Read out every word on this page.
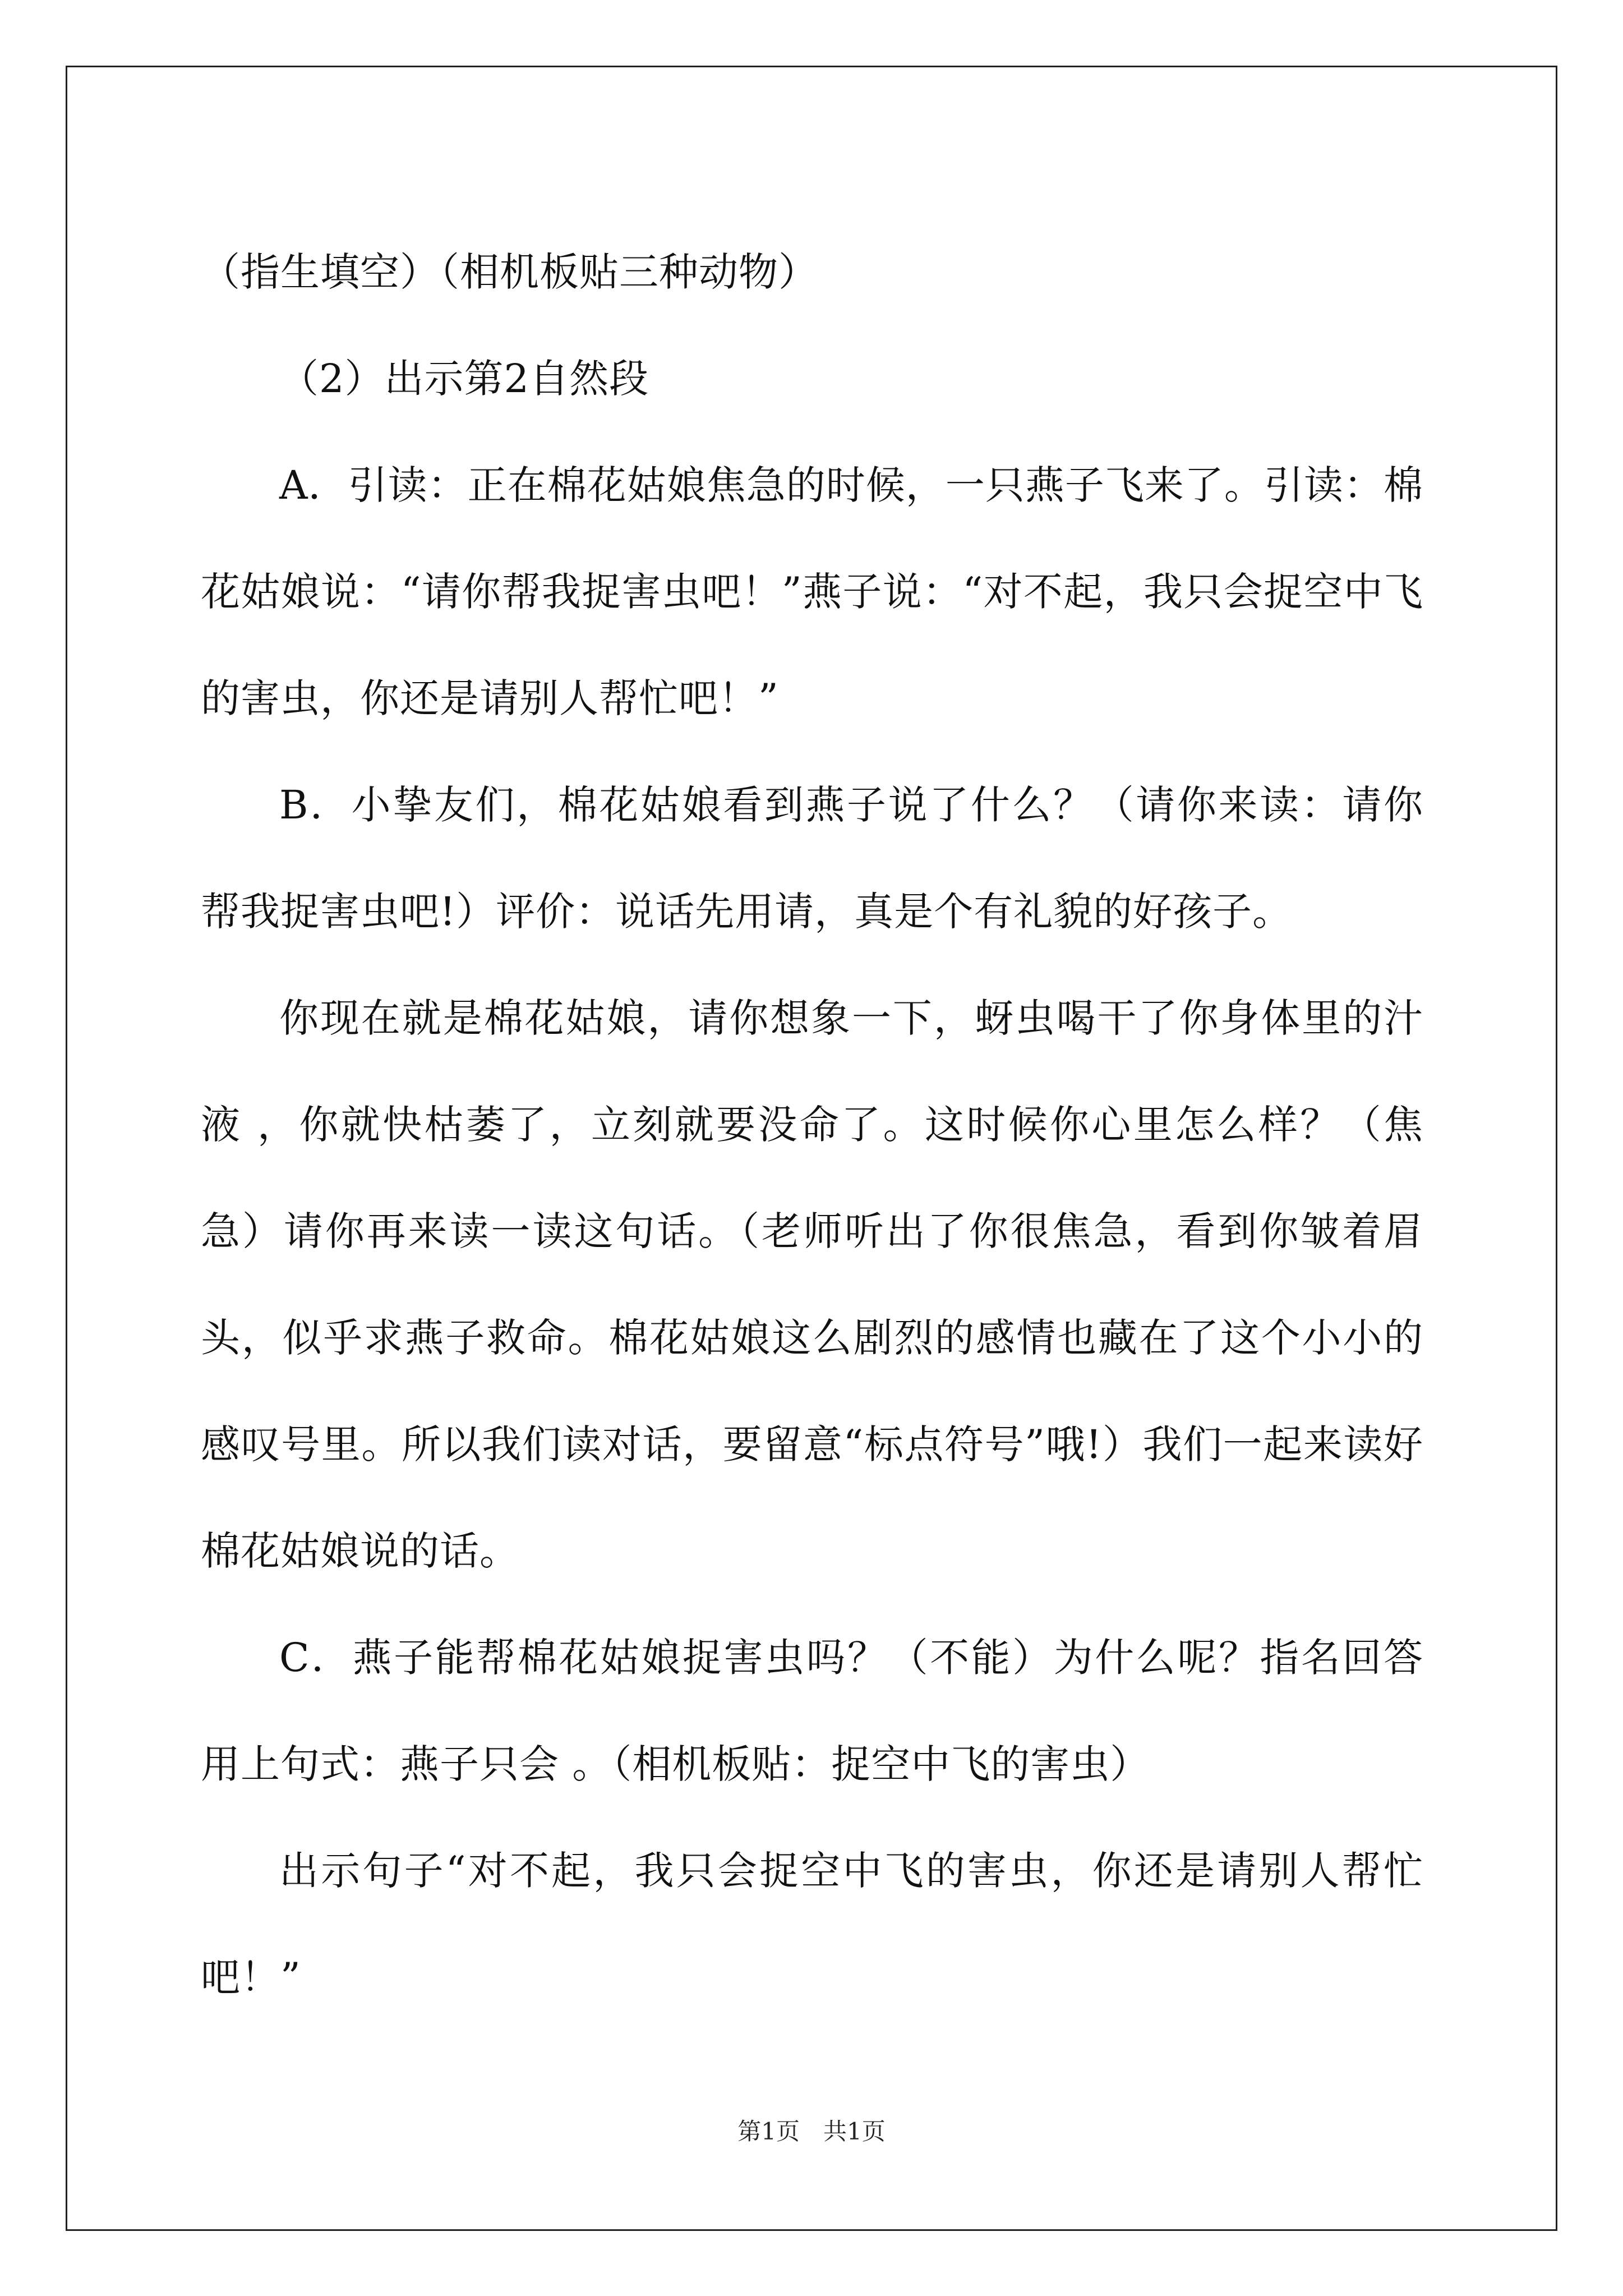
（指生填空）（相机板贴三种动物）

（2）出示第2自然段

A．引读：正在棉花姑娘焦急的时候，一只燕子飞来了。引读：棉花姑娘说：“请你帮我捉害虫吧！”燕子说：“对不起，我只会捉空中飞的害虫，你还是请别人帮忙吧！”

B．小挚友们，棉花姑娘看到燕子说了什么？（请你来读：请你帮我捉害虫吧!）评价：说话先用请，真是个有礼貌的好孩子。

你现在就是棉花姑娘，请你想象一下，蚜虫喝干了你身体里的汁液 ，你就快枯萎了，立刻就要没命了。这时候你心里怎么样？（焦急）请你再来读一读这句话。（老师听出了你很焦急，看到你皱着眉头，似乎求燕子救命。棉花姑娘这么剧烈的感情也藏在了这个小小的感叹号里。所以我们读对话，要留意“标点符号”哦!）我们一起来读好棉花姑娘说的话。

C．燕子能帮棉花姑娘捉害虫吗？（不能）为什么呢？指名回答用上句式：燕子只会 。（相机板贴：捉空中飞的害虫）

出示句子“对不起，我只会捉空中飞的害虫，你还是请别人帮忙吧！”

第1页　共1页
